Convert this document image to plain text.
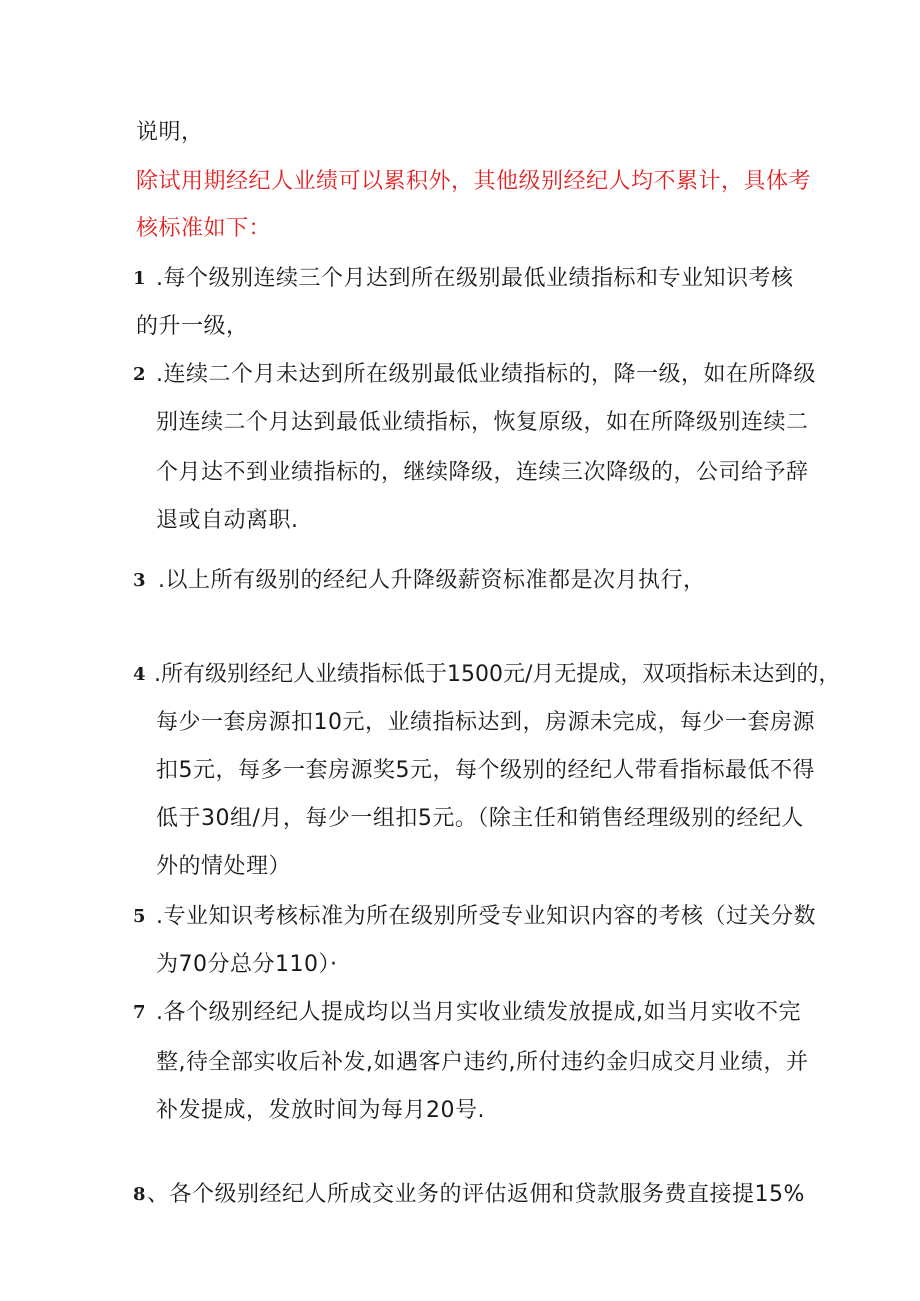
说明，
除试用期经纪人业绩可以累积外，其他级别经纪人均不累计，具体考
核标准如下：
1 .每个级别连续三个月达到所在级别最低业绩指标和专业知识考核
的升一级，
2 .连续二个月未达到所在级别最低业绩指标的，降一级，如在所降级
别连续二个月达到最低业绩指标，恢复原级，如在所降级别连续二
个月达不到业绩指标的，继续降级，连续三次降级的，公司给予辞
退或自动离职.
3 .以上所有级别的经纪人升降级薪资标准都是次月执行，
4 .所有级别经纪人业绩指标低于1500元/月无提成，双项指标未达到的，
每少一套房源扣10元，业绩指标达到，房源未完成，每少一套房源
扣5元，每多一套房源奖5元，每个级别的经纪人带看指标最低不得
低于30组/月，每少一组扣5元。（除主任和销售经理级别的经纪人
外的情处理）
5 .专业知识考核标准为所在级别所受专业知识内容的考核（过关分数
为70分总分110）·
7 .各个级别经纪人提成均以当月实收业绩发放提成,如当月实收不完
整,待全部实收后补发,如遇客户违约,所付违约金归成交月业绩，并
补发提成，发放时间为每月20号.
8 、各个级别经纪人所成交业务的评估返佣和贷款服务费直接提15%
